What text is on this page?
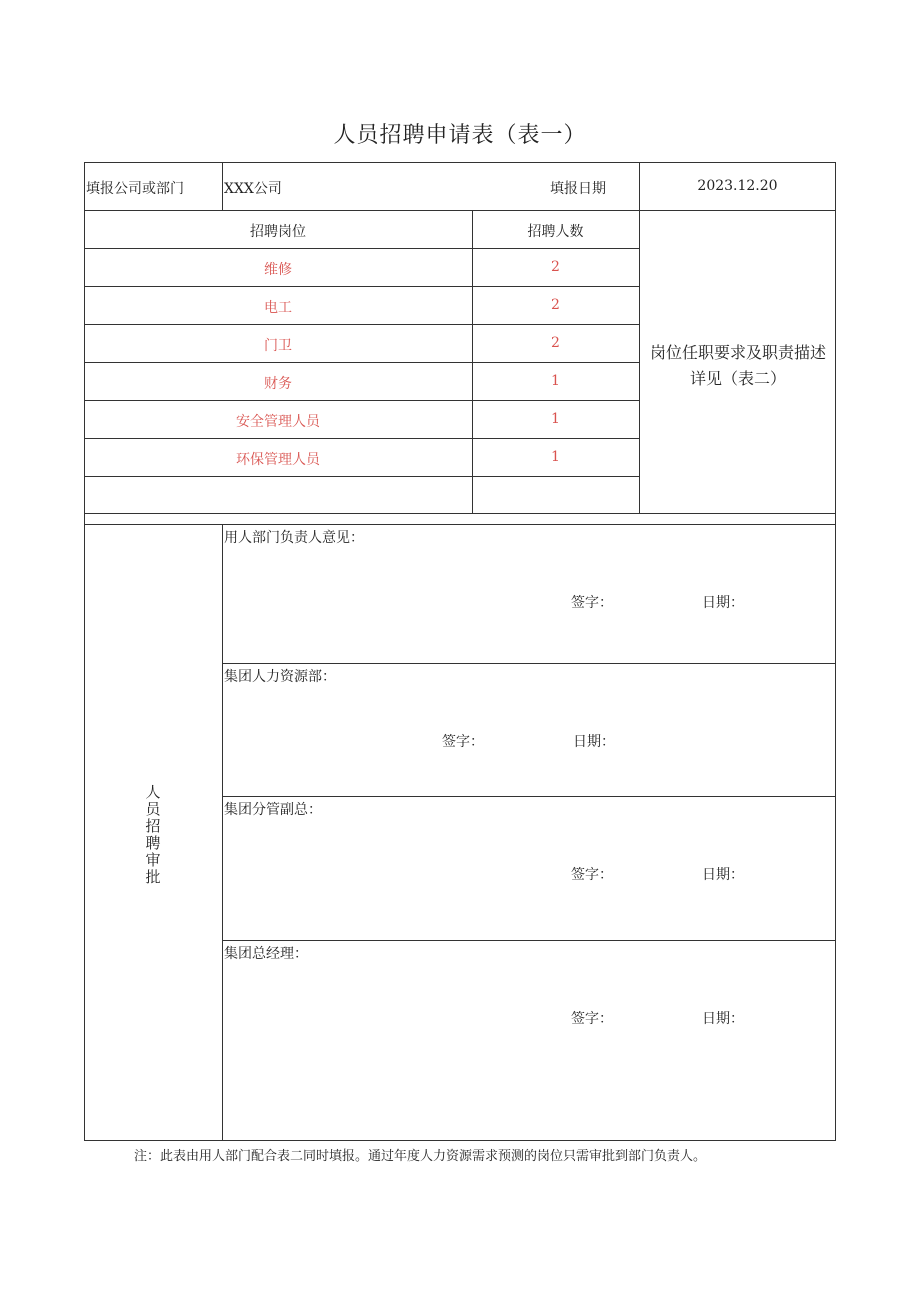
人员招聘申请表（表一）
填报公司或部门	XXX公司	填报日期	2023.12.20
招聘岗位	招聘人数
维修	2
电工	2
门卫	2
财务	1
安全管理人员	1
环保管理人员	1
岗位任职要求及职责描述详见（表二）
人
员
招
聘
审
批
用人部门负责人意见：
签字：	日期：
集团人力资源部：
签字：	日期：
集团分管副总：
签字：	日期：
集团总经理：
签字：	日期：
注：此表由用人部门配合表二同时填报。通过年度人力资源需求预测的岗位只需审批到部门负责人。
